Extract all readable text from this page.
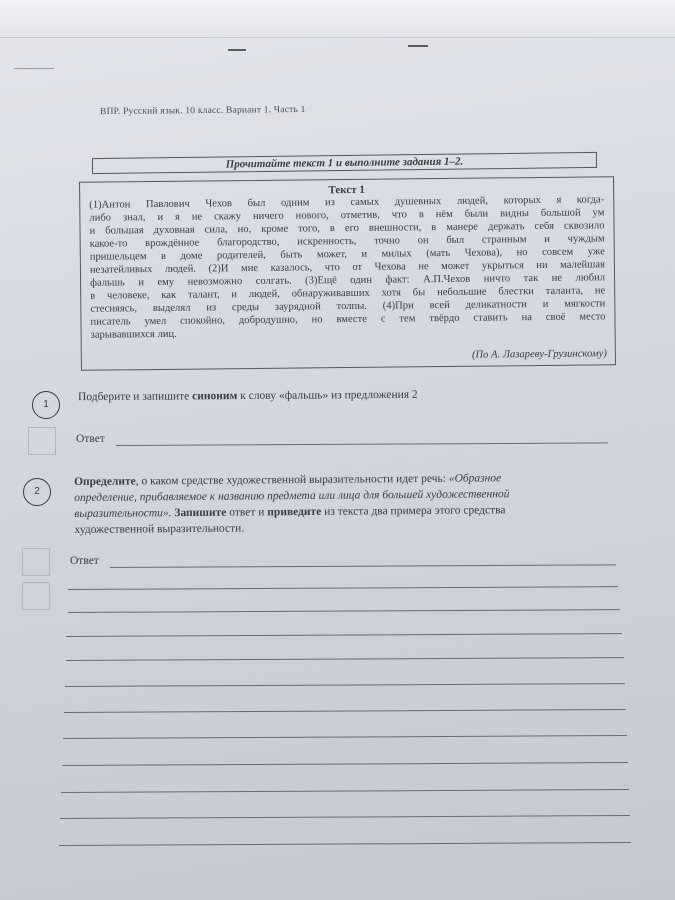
ВПР. Русский язык. 10 класс. Вариант 1. Часть 1
Прочитайте текст 1 и выполните задания 1–2.
Текст 1
(1)Антон Павлович Чехов был одним из самых душевных людей, которых я когда-
либо знал, и я не скажу ничего нового, отметив, что в нём были видны большой ум
и большая духовная сила, но, кроме того, в его внешности, в манере держать себя сквозило
какое-то врождённое благородство, искренность, точно он был странным и чуждым
пришельцем в доме родителей, быть может, и милых (мать Чехова), но совсем уже
незатейливых людей. (2)И мне казалось, что от Чехова не может укрыться ни малейшая
фальшь и ему невозможно солгать. (3)Ещё один факт: А.П.Чехов ничто так не любил
в человеке, как талант, и людей, обнаруживавших хотя бы небольшие блестки таланта, не
стесняясь, выделял из среды заурядной толпы. (4)При всей деликатности и мягкости
писатель умел спокойно, добродушно, но вместе с тем твёрдо ставить на своё место
зарывавшихся лиц.
(По А. Лазареву-Грузинскому)
1
Подберите и запишите синоним к слову «фальшь» из предложения 2
Ответ
2
Определите, о каком средстве художественной выразительности идет речь: «Образное
определение, прибавляемое к названию предмета или лица для большей художественной
выразительности». Запишите ответ и приведите из текста два примера этого средства
художественной выразительности.
Ответ
